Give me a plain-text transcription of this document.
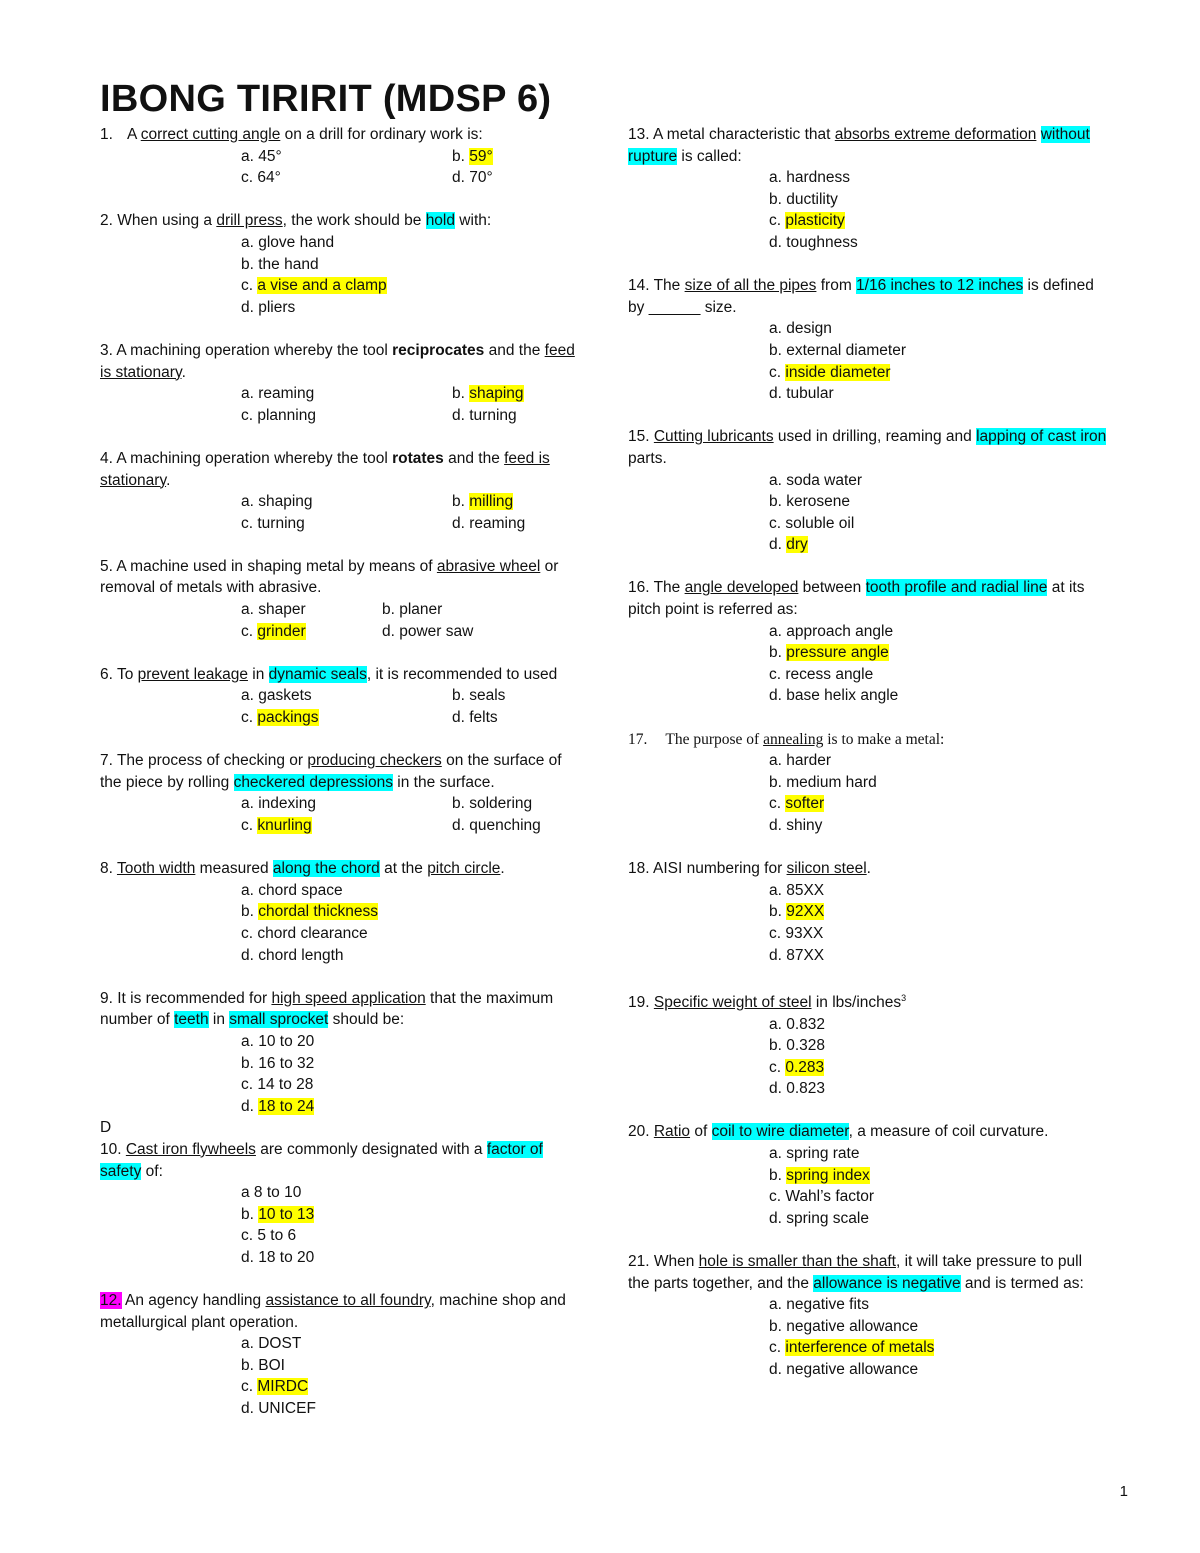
IBONG TIRIRIT (MDSP 6)
1. A correct cutting angle on a drill for ordinary work is:
a. 45°	b. 59°
c. 64°	d. 70°
2. When using a drill press, the work should be hold with:
a. glove hand
b. the hand
c. a vise and a clamp
d. pliers
3. A machining operation whereby the tool reciprocates and the feed
is stationary.
a. reaming	b. shaping
c. planning	d. turning
4. A machining operation whereby the tool rotates and the feed is
stationary.
a. shaping	b. milling
c. turning	d. reaming
5. A machine used in shaping metal by means of abrasive wheel or
removal of metals with abrasive.
a. shaper	b. planer
c. grinder	d. power saw
6. To prevent leakage in dynamic seals, it is recommended to used
a. gaskets	b. seals
c. packings	d. felts
7. The process of checking or producing checkers on the surface of
the piece by rolling checkered depressions in the surface.
a. indexing	b. soldering
c. knurling	d. quenching
8. Tooth width measured along the chord at the pitch circle.
a. chord space
b. chordal thickness
c. chord clearance
d. chord length
9. It is recommended for high speed application that the maximum
number of teeth in small sprocket should be:
a. 10 to 20
b. 16 to 32
c. 14 to 28
d. 18 to 24
D
10. Cast iron flywheels are commonly designated with a factor of
safety of:
a 8 to 10
b. 10 to 13
c. 5 to 6
d. 18 to 20
12. An agency handling assistance to all foundry, machine shop and
metallurgical plant operation.
a. DOST
b. BOI
c. MIRDC
d. UNICEF
13. A metal characteristic that absorbs extreme deformation without
rupture is called:
a. hardness
b. ductility
c. plasticity
d. toughness
14. The size of all the pipes from 1/16 inches to 12 inches is defined
by ______ size.
a. design
b. external diameter
c. inside diameter
d. tubular
15. Cutting lubricants used in drilling, reaming and lapping of cast iron
parts.
a. soda water
b. kerosene
c. soluble oil
d. dry
16. The angle developed between tooth profile and radial line at its
pitch point is referred as:
a. approach angle
b. pressure angle
c. recess angle
d. base helix angle
17. The purpose of annealing is to make a metal:
a. harder
b. medium hard
c. softer
d. shiny
18. AISI numbering for silicon steel.
a. 85XX
b. 92XX
c. 93XX
d. 87XX
19. Specific weight of steel in lbs/inches$^3$
a. 0.832
b. 0.328
c. 0.283
d. 0.823
20. Ratio of coil to wire diameter, a measure of coil curvature.
a. spring rate
b. spring index
c. Wahl’s factor
d. spring scale
21. When hole is smaller than the shaft, it will take pressure to pull
the parts together, and the allowance is negative and is termed as:
a. negative fits
b. negative allowance
c. interference of metals
d. negative allowance
1
